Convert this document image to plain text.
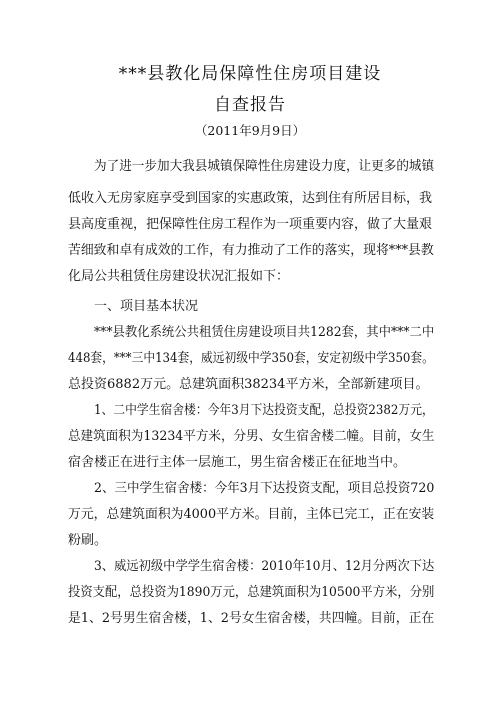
***县教化局保障性住房项目建设
自查报告
（2011年9月9日）
为了进一步加大我县城镇保障性住房建设力度，让更多的城镇
低收入无房家庭享受到国家的实惠政策，达到住有所居目标，我
县高度重视，把保障性住房工程作为一项重要内容，做了大量艰
苦细致和卓有成效的工作，有力推动了工作的落实，现将***县教
化局公共租赁住房建设状况汇报如下：
一、项目基本状况
***县教化系统公共租赁住房建设项目共1282套，其中***二中
448套，***三中134套，威远初级中学350套，安定初级中学350套。
总投资6882万元。总建筑面积38234平方米，全部新建项目。
1、二中学生宿舍楼：今年3月下达投资支配，总投资2382万元，
总建筑面积为13234平方米，分男、女生宿舍楼二幢。目前，女生
宿舍楼正在进行主体一层施工，男生宿舍楼正在征地当中。
2、三中学生宿舍楼：今年3月下达投资支配，项目总投资720
万元，总建筑面积为4000平方米。目前，主体已完工，正在安装
粉刷。
3、威远初级中学学生宿舍楼：2010年10月、12月分两次下达
投资支配，总投资为1890万元，总建筑面积为10500平方米，分别
是1、2号男生宿舍楼，1、2号女生宿舍楼，共四幢。目前，正在
